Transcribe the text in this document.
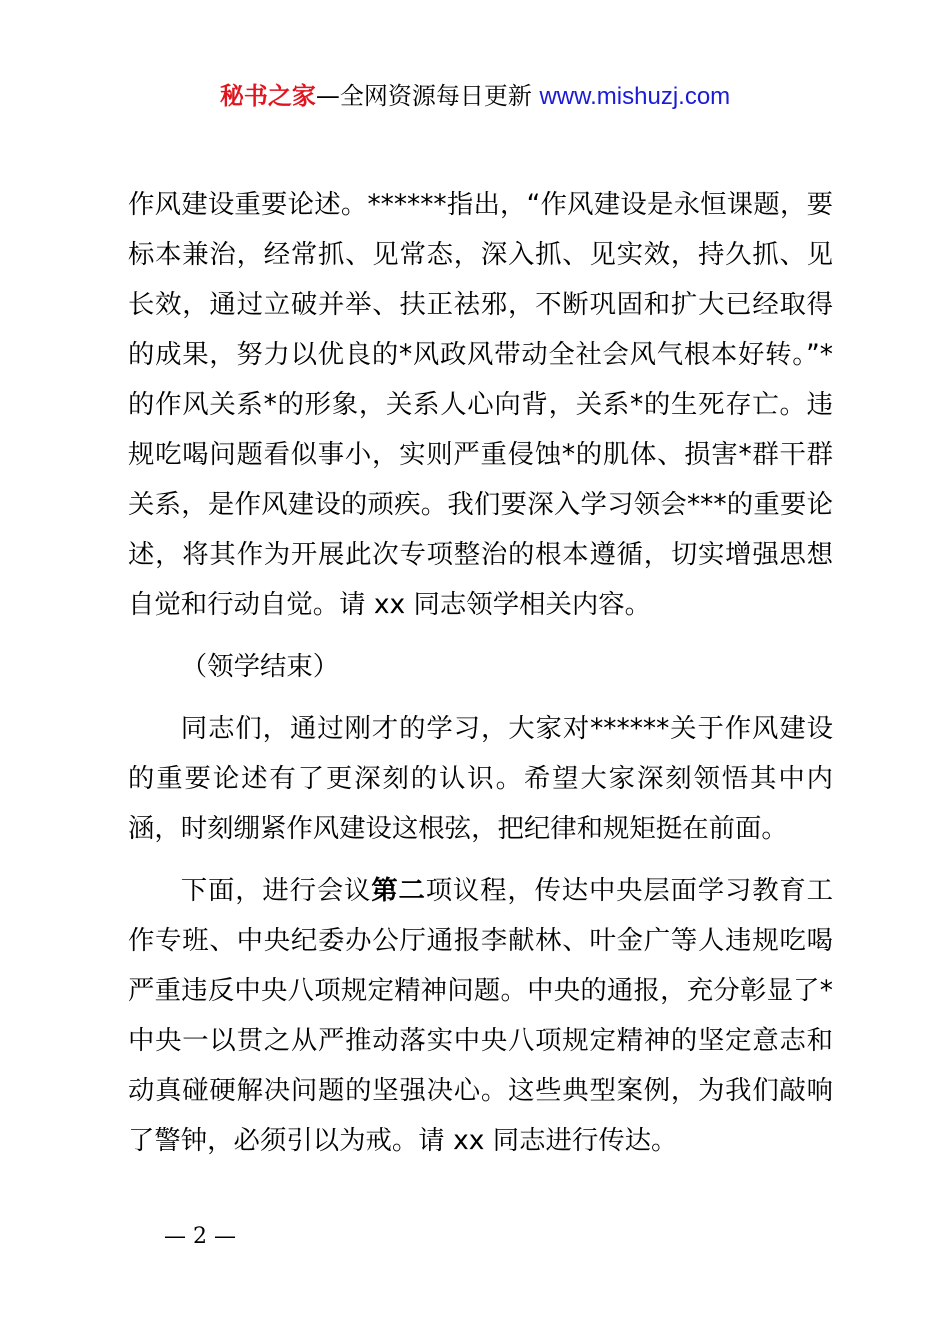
秘书之家—全网资源每日更新 www.mishuzj.com

作风建设重要论述。******指出，“作风建设是永恒课题，要标本兼治，经常抓、见常态，深入抓、见实效，持久抓、见长效，通过立破并举、扶正祛邪，不断巩固和扩大已经取得的成果，努力以优良的*风政风带动全社会风气根本好转。”*的作风关系*的形象，关系人心向背，关系*的生死存亡。违规吃喝问题看似事小，实则严重侵蚀*的肌体、损害*群干群关系，是作风建设的顽疾。我们要深入学习领会***的重要论述，将其作为开展此次专项整治的根本遵循，切实增强思想自觉和行动自觉。请 xx 同志领学相关内容。

（领学结束）

同志们，通过刚才的学习，大家对******关于作风建设的重要论述有了更深刻的认识。希望大家深刻领悟其中内涵，时刻绷紧作风建设这根弦，把纪律和规矩挺在前面。

下面，进行会议第二项议程，传达中央层面学习教育工作专班、中央纪委办公厅通报李献林、叶金广等人违规吃喝严重违反中央八项规定精神问题。中央的通报，充分彰显了*中央一以贯之从严推动落实中央八项规定精神的坚定意志和动真碰硬解决问题的坚强决心。这些典型案例，为我们敲响了警钟，必须引以为戒。请 xx 同志进行传达。

— 2 —
